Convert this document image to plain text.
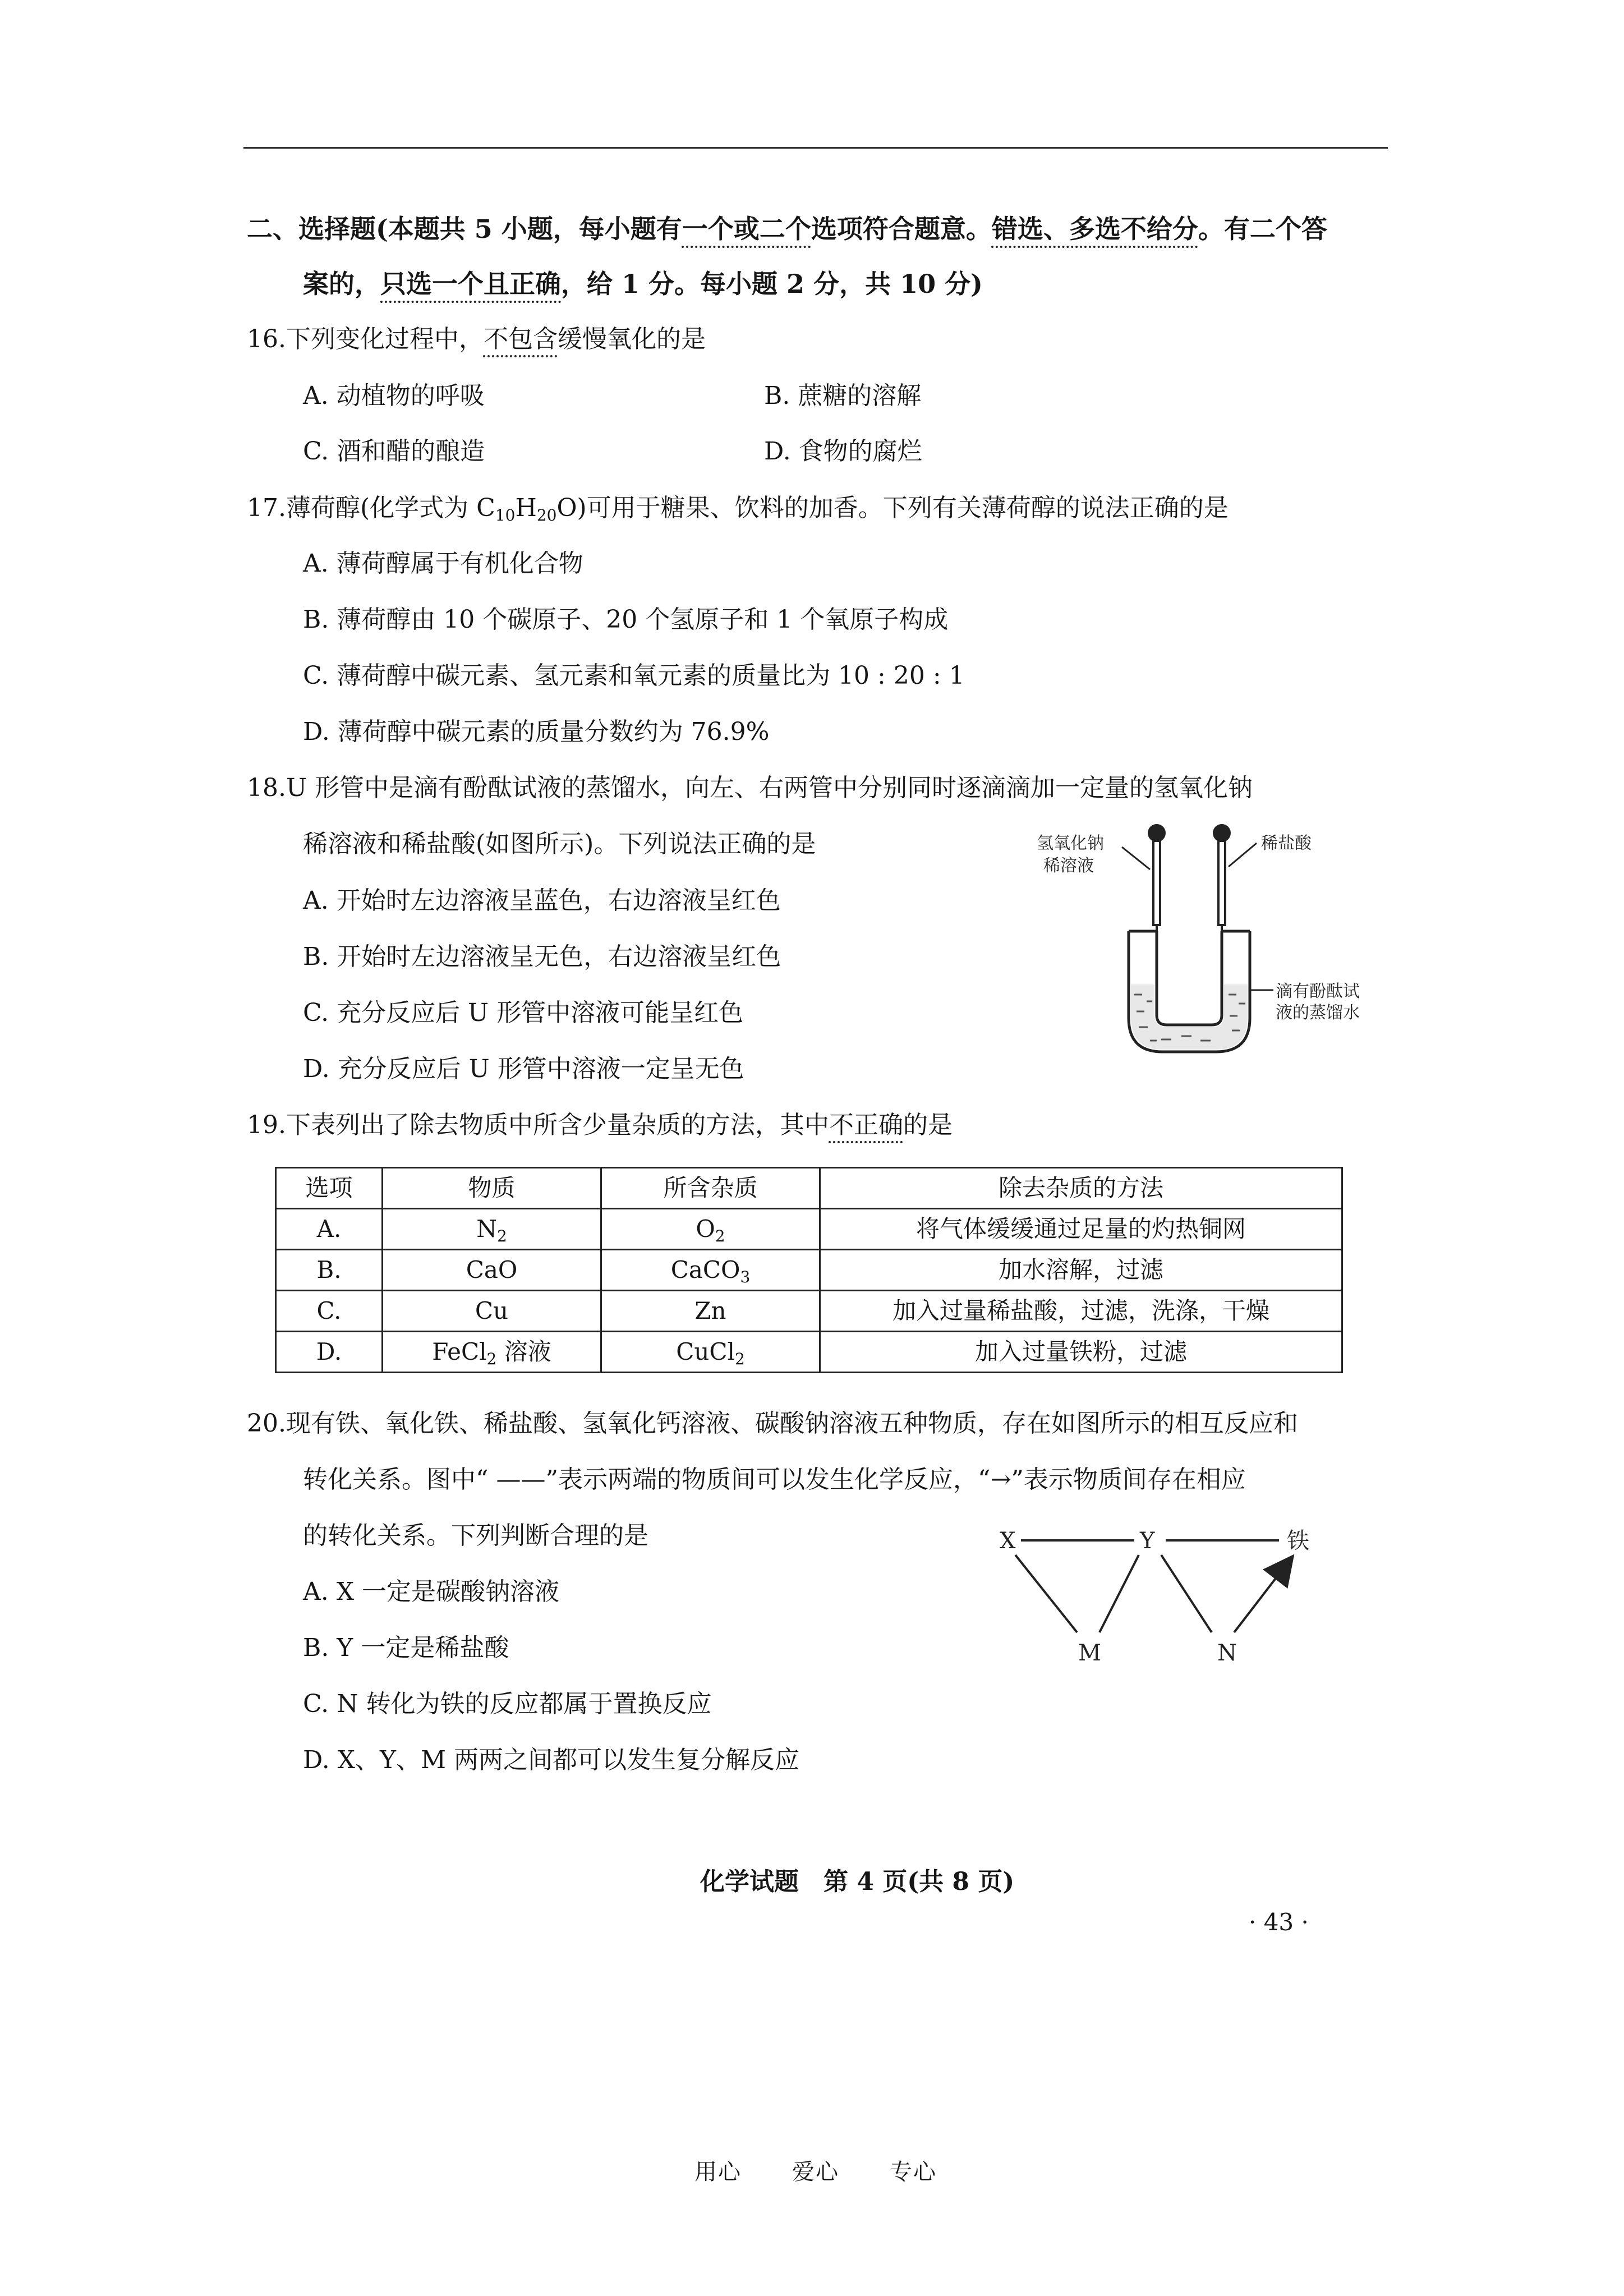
二、选择题(本题共 5 小题，每小题有一个或二个选项符合题意。错选、多选不给分。有二个答
案的，只选一个且正确，给 1 分。每小题 2 分，共 10 分)
16.下列变化过程中，不包含缓慢氧化的是
A. 动植物的呼吸	B. 蔗糖的溶解
C. 酒和醋的酿造	D. 食物的腐烂
17.薄荷醇(化学式为 $C_{10}H_{20}O$)可用于糖果、饮料的加香。下列有关薄荷醇的说法正确的是
A. 薄荷醇属于有机化合物
B. 薄荷醇由 10 个碳原子、20 个氢原子和 1 个氧原子构成
C. 薄荷醇中碳元素、氢元素和氧元素的质量比为 10 : 20 : 1
D. 薄荷醇中碳元素的质量分数约为 76.9%
18.U 形管中是滴有酚酞试液的蒸馏水，向左、右两管中分别同时逐滴滴加一定量的氢氧化钠
稀溶液和稀盐酸(如图所示)。下列说法正确的是
A. 开始时左边溶液呈蓝色，右边溶液呈红色
B. 开始时左边溶液呈无色，右边溶液呈红色
C. 充分反应后 U 形管中溶液可能呈红色
D. 充分反应后 U 形管中溶液一定呈无色
氢氧化钠
稀溶液
稀盐酸
滴有酚酞试
液的蒸馏水
19.下表列出了除去物质中所含少量杂质的方法，其中不正确的是
选项	物质	所含杂质	除去杂质的方法
A.	$N_2$	$O_2$	将气体缓缓通过足量的灼热铜网
B.	CaO	CaCO$_3$	加水溶解，过滤
C.	Cu	Zn	加入过量稀盐酸，过滤，洗涤，干燥
D.	FeCl$_2$ 溶液	CuCl$_2$	加入过量铁粉，过滤
20.现有铁、氧化铁、稀盐酸、氢氧化钙溶液、碳酸钠溶液五种物质，存在如图所示的相互反应和
转化关系。图中“ ——”表示两端的物质间可以发生化学反应，“→”表示物质间存在相应
的转化关系。下列判断合理的是
A. X 一定是碳酸钠溶液
B. Y 一定是稀盐酸
C. N 转化为铁的反应都属于置换反应
D. X、Y、M 两两之间都可以发生复分解反应
X	Y	铁
M	N
化学试题　第 4 页(共 8 页)
· 43 ·
用心 爱心 专心
